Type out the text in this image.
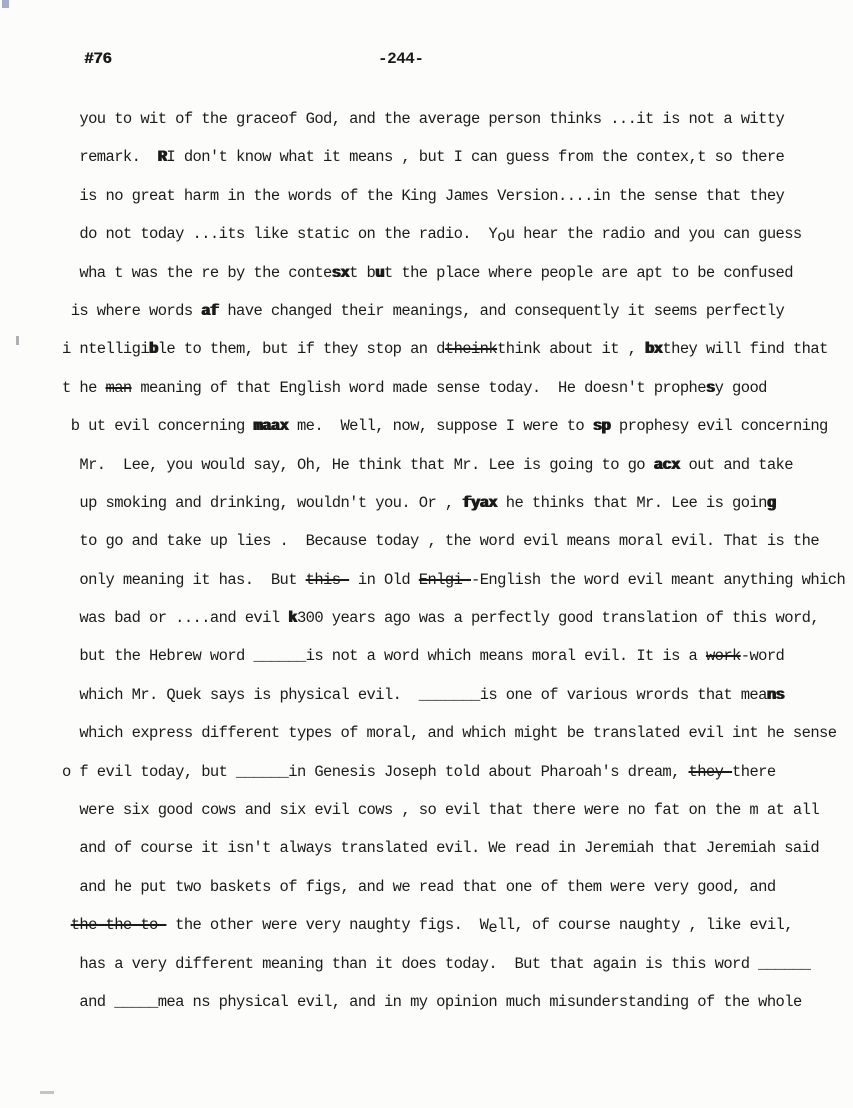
#76	-244-
you to wit of the graceof God, and the average person thinks ...it is not a witty
remark.  RI don't know what it means , but I can guess from the contex,t so there
is no great harm in the words of the King James Version....in the sense that they
do not today ...its like static on the radio.  You hear the radio and you can guess
wha t was the re by the contesxt but the place where people are apt to be confused
is where words af have changed their meanings, and consequently it seems perfectly
i ntelligible to them, but if they stop an dtheinkthink about it , bxthey will find that
t he man meaning of that English word made sense today.  He doesn't prophesy good
b ut evil concerning maax me.  Well, now, suppose I were to sp prophesy evil concerning
Mr.  Lee, you would say, Oh, He think that Mr. Lee is going to go acx out and take
up smoking and drinking, wouldn't you. Or , fyax he thinks that Mr. Lee is going
to go and take up lies .  Because today , the word evil means moral evil. That is the
only meaning it has.  But this- in Old Enlgi--English the word evil meant anything which
was bad or ....and evil k300 years ago was a perfectly good translation of this word,
but the Hebrew word ______is not a word which means moral evil. It is a work-word
which Mr. Quek says is physical evil.  _______is one of various wrords that means
which express different types of moral, and which might be translated evil int he sense
o f evil today, but ______in Genesis Joseph told about Pharoah's dream, they-there
were six good cows and six evil cows , so evil that there were no fat on the m at all
and of course it isn't always translated evil. We read in Jeremiah that Jeremiah said
and he put two baskets of figs, and we read that one of them were very good, and
the the to- the other were very naughty figs.  Well, of course naughty , like evil,
has a very different meaning than it does today.  But that again is this word ______
and _____mea ns physical evil, and in my opinion much misunderstanding of the whole
